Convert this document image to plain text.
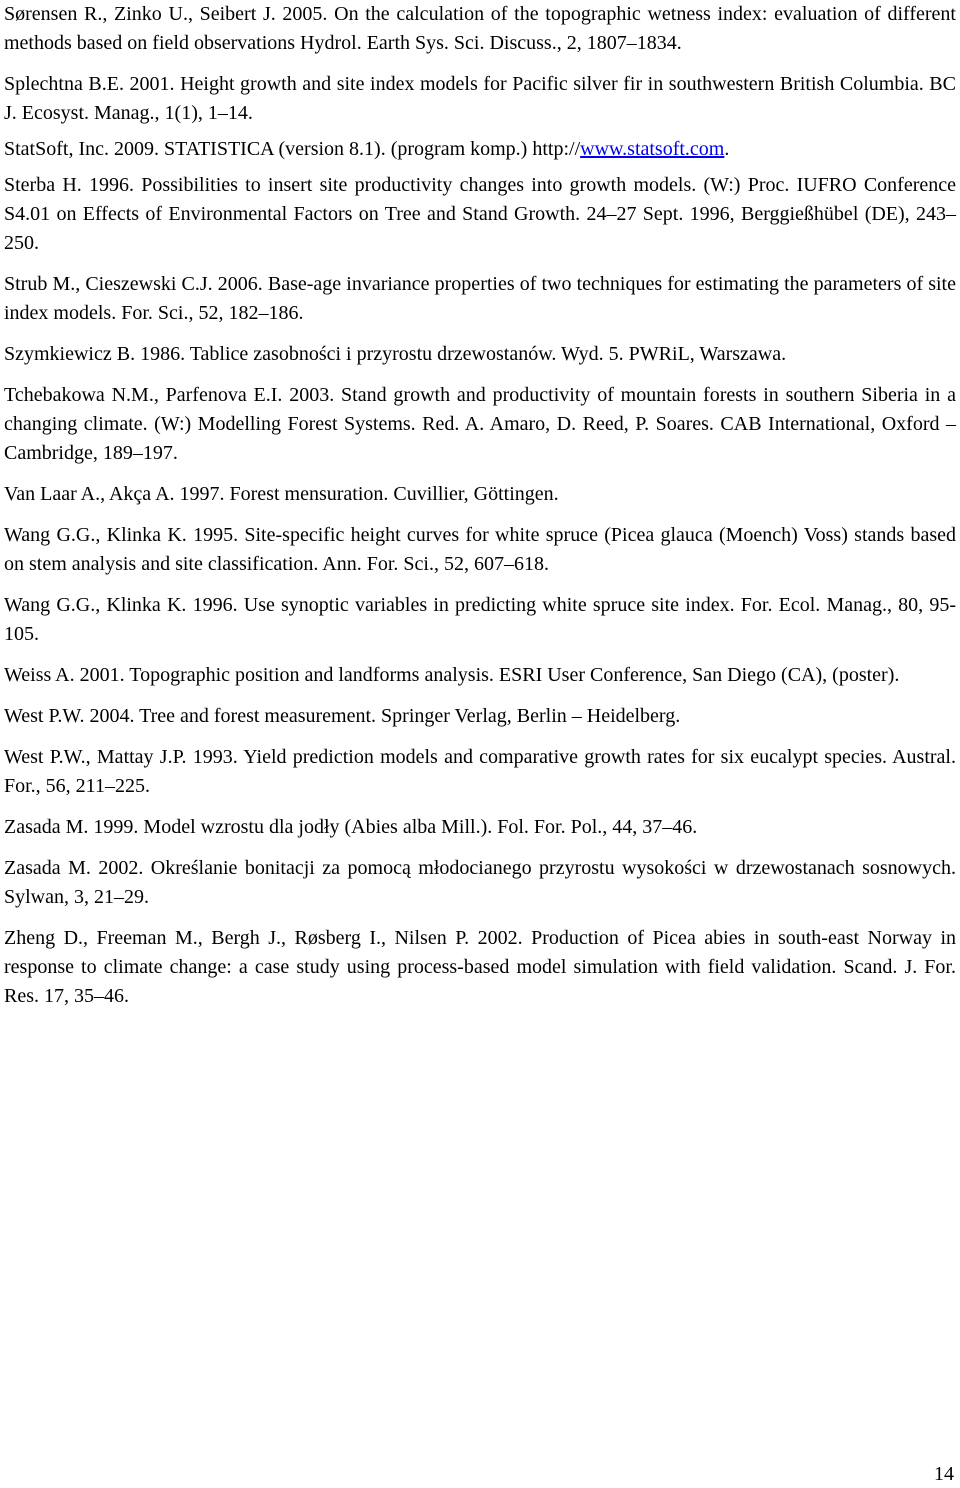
Sørensen R., Zinko U., Seibert J. 2005. On the calculation of the topographic wetness index: evaluation of different methods based on field observations Hydrol. Earth Sys. Sci. Discuss., 2, 1807–1834.
Splechtna B.E. 2001. Height growth and site index models for Pacific silver fir in southwestern British Columbia. BC J. Ecosyst. Manag., 1(1), 1–14.
StatSoft, Inc. 2009. STATISTICA (version 8.1). (program komp.) http://www.statsoft.com.
Sterba H. 1996. Possibilities to insert site productivity changes into growth models. (W:) Proc. IUFRO Conference S4.01 on Effects of Environmental Factors on Tree and Stand Growth. 24–27 Sept. 1996, Berggießhübel (DE), 243–250.
Strub M., Cieszewski C.J. 2006. Base-age invariance properties of two techniques for estimating the parameters of site index models. For. Sci., 52, 182–186.
Szymkiewicz B. 1986. Tablice zasobności i przyrostu drzewostanów. Wyd. 5. PWRiL, Warszawa.
Tchebakowa N.M., Parfenova E.I. 2003. Stand growth and productivity of mountain forests in southern Siberia in a changing climate. (W:) Modelling Forest Systems. Red. A. Amaro, D. Reed, P. Soares. CAB International, Oxford – Cambridge, 189–197.
Van Laar A., Akça A. 1997. Forest mensuration. Cuvillier, Göttingen.
Wang G.G., Klinka K. 1995. Site-specific height curves for white spruce (Picea glauca (Moench) Voss) stands based on stem analysis and site classification. Ann. For. Sci., 52, 607–618.
Wang G.G., Klinka K. 1996. Use synoptic variables in predicting white spruce site index. For. Ecol. Manag., 80, 95-105.
Weiss A. 2001. Topographic position and landforms analysis. ESRI User Conference, San Diego (CA), (poster).
West P.W. 2004. Tree and forest measurement. Springer Verlag, Berlin – Heidelberg.
West P.W., Mattay J.P. 1993. Yield prediction models and comparative growth rates for six eucalypt species. Austral. For., 56, 211–225.
Zasada M. 1999. Model wzrostu dla jodły (Abies alba Mill.). Fol. For. Pol., 44, 37–46.
Zasada M. 2002. Określanie bonitacji za pomocą młodocianego przyrostu wysokości w drzewostanach sosnowych. Sylwan, 3, 21–29.
Zheng D., Freeman M., Bergh J., Røsberg I., Nilsen P. 2002. Production of Picea abies in south-east Norway in response to climate change: a case study using process-based model simulation with field validation. Scand. J. For. Res. 17, 35–46.
14
